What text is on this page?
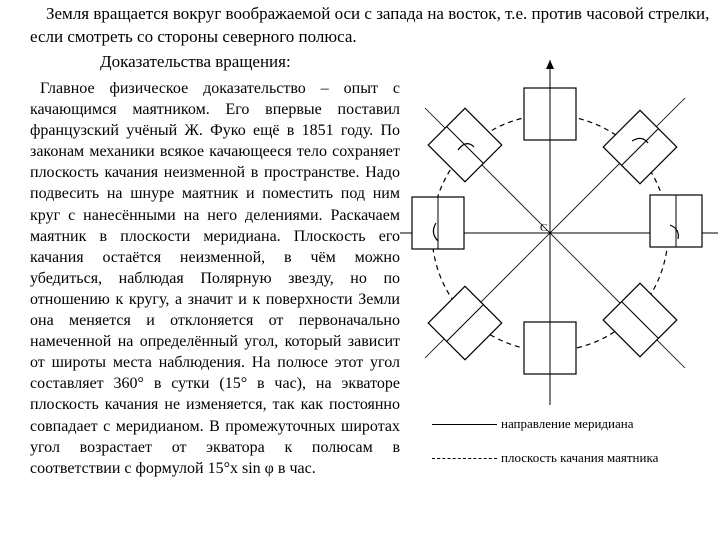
Земля вращается вокруг воображаемой оси с запада на восток, т.е. против часовой стрелки, если смотреть со стороны северного полюса.

Доказательства вращения:

Главное физическое доказательство – опыт с качающимся маятником. Его впервые поставил французский учёный Ж. Фуко ещё в 1851 году. По законам механики всякое качающееся тело сохраняет плоскость качания неизменной в пространстве. Надо подвесить на шнуре маятник и поместить под ним круг с нанесёнными на него делениями. Раскачаем маятник в плоскости меридиана. Плоскость его качания остаётся неизменной, в чём можно убедиться, наблюдая Полярную звезду, но по отношению к кругу, а значит и к поверхности Земли она меняется и отклоняется от первоначально намеченной на определённый угол, который зависит от широты места наблюдения. На полюсе этот угол составляет 360° в сутки (15° в час), на экваторе плоскость качания не изменяется, так как постоянно совпадает с меридианом. В промежуточных широтах угол возрастает от экватора к полюсам в соответствии с формулой 15°x sin φ в час.

C
направление меридиана
плоскость качания маятника
